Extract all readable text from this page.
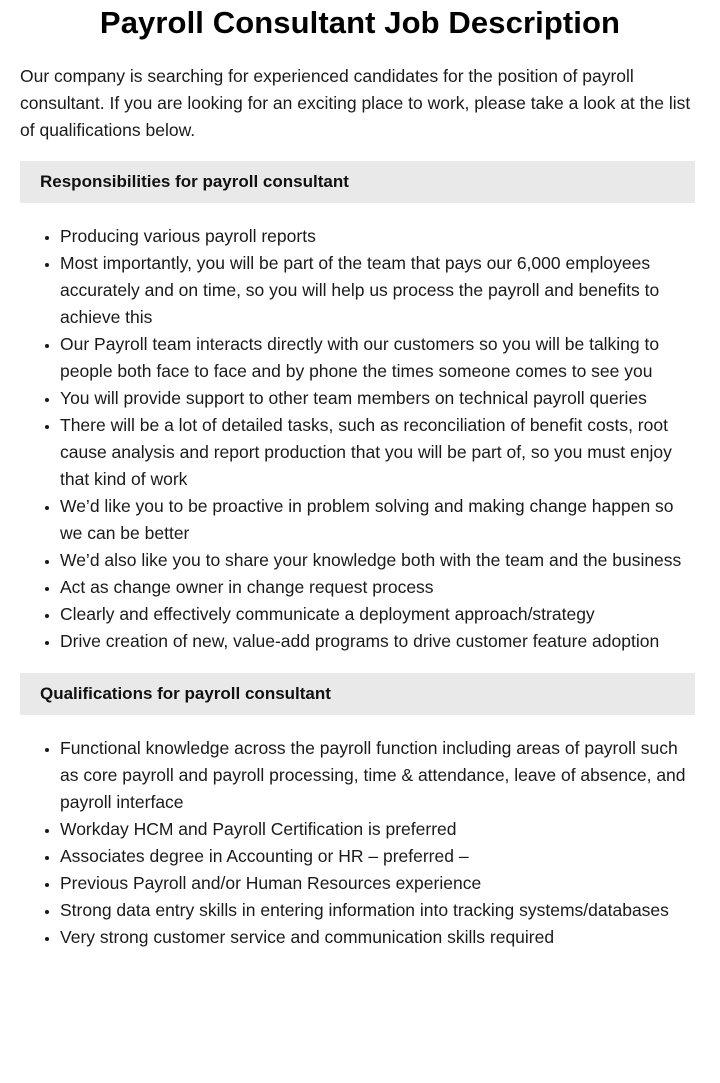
Payroll Consultant Job Description

Our company is searching for experienced candidates for the position of payroll consultant. If you are looking for an exciting place to work, please take a look at the list of qualifications below.

Responsibilities for payroll consultant
• Producing various payroll reports
• Most importantly, you will be part of the team that pays our 6,000 employees accurately and on time, so you will help us process the payroll and benefits to achieve this
• Our Payroll team interacts directly with our customers so you will be talking to people both face to face and by phone the times someone comes to see you
• You will provide support to other team members on technical payroll queries
• There will be a lot of detailed tasks, such as reconciliation of benefit costs, root cause analysis and report production that you will be part of, so you must enjoy that kind of work
• We’d like you to be proactive in problem solving and making change happen so we can be better
• We’d also like you to share your knowledge both with the team and the business
• Act as change owner in change request process
• Clearly and effectively communicate a deployment approach/strategy
• Drive creation of new, value-add programs to drive customer feature adoption
Qualifications for payroll consultant
• Functional knowledge across the payroll function including areas of payroll such as core payroll and payroll processing, time & attendance, leave of absence, and payroll interface
• Workday HCM and Payroll Certification is preferred
• Associates degree in Accounting or HR – preferred –
• Previous Payroll and/or Human Resources experience
• Strong data entry skills in entering information into tracking systems/databases
• Very strong customer service and communication skills required
